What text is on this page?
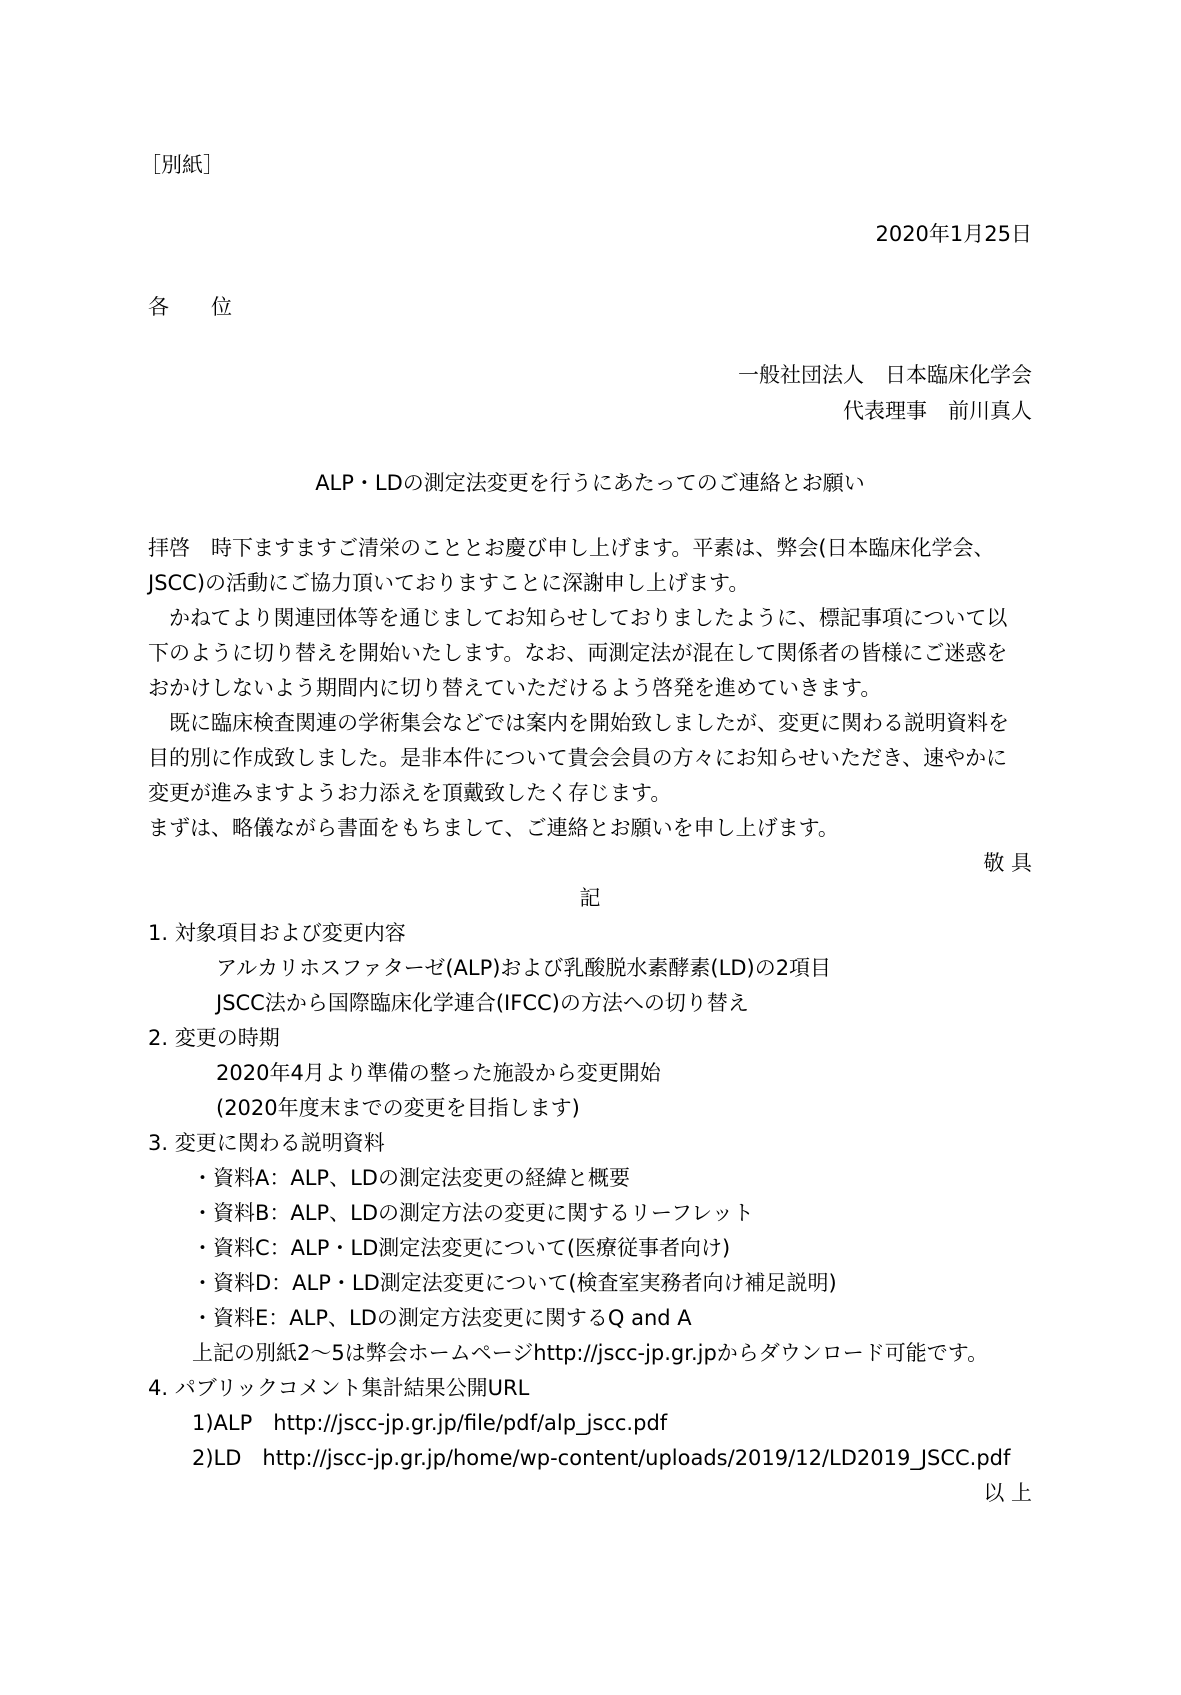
［別紙］
2020年1月25日
各　　位
一般社団法人　日本臨床化学会
代表理事　前川真人
ALP・LDの測定法変更を行うにあたってのご連絡とお願い
拝啓　時下ますますご清栄のこととお慶び申し上げます。平素は、弊会(日本臨床化学会、
JSCC)の活動にご協力頂いておりますことに深謝申し上げます。
　かねてより関連団体等を通じましてお知らせしておりましたように、標記事項について以
下のように切り替えを開始いたします。なお、両測定法が混在して関係者の皆様にご迷惑を
おかけしないよう期間内に切り替えていただけるよう啓発を進めていきます。
　既に臨床検査関連の学術集会などでは案内を開始致しましたが、変更に関わる説明資料を
目的別に作成致しました。是非本件について貴会会員の方々にお知らせいただき、速やかに
変更が進みますようお力添えを頂戴致したく存じます。
まずは、略儀ながら書面をもちまして、ご連絡とお願いを申し上げます。
敬 具
記
1. 対象項目および変更内容
アルカリホスファターゼ(ALP)および乳酸脱水素酵素(LD)の2項目
JSCC法から国際臨床化学連合(IFCC)の方法への切り替え
2. 変更の時期
2020年4月より準備の整った施設から変更開始
(2020年度末までの変更を目指します)
3. 変更に関わる説明資料
・資料A：ALP、LDの測定法変更の経緯と概要
・資料B：ALP、LDの測定方法の変更に関するリーフレット
・資料C：ALP・LD測定法変更について(医療従事者向け)
・資料D：ALP・LD測定法変更について(検査室実務者向け補足説明)
・資料E：ALP、LDの測定方法変更に関するQ and A
上記の別紙2～5は弊会ホームページhttp://jscc-jp.gr.jpからダウンロード可能です。
4. パブリックコメント集計結果公開URL
1)ALP　http://jscc-jp.gr.jp/file/pdf/alp_jscc.pdf
2)LD　http://jscc-jp.gr.jp/home/wp-content/uploads/2019/12/LD2019_JSCC.pdf
以 上
